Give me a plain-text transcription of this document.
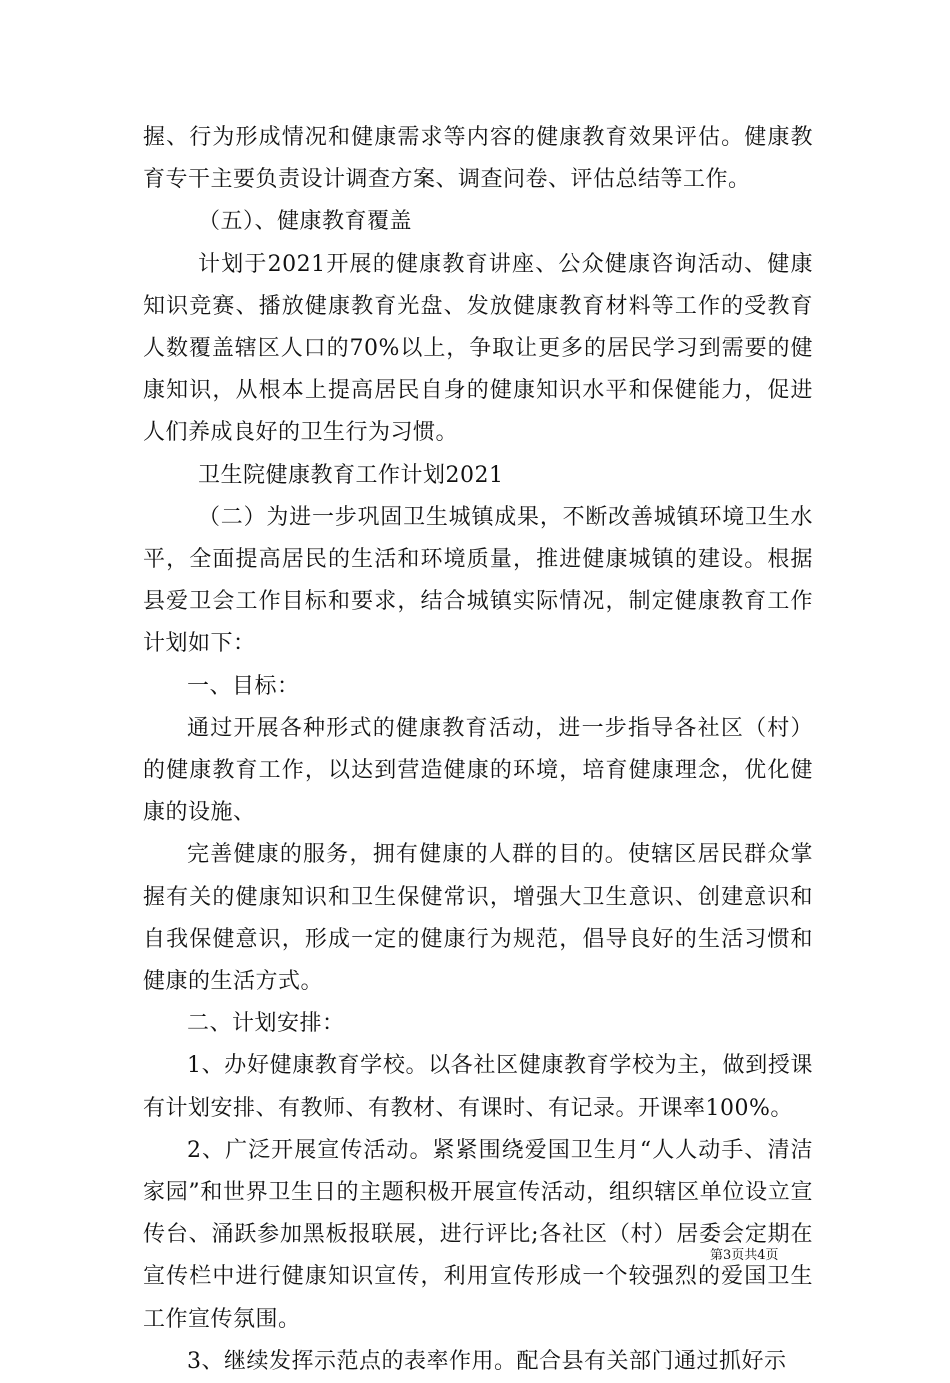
握、行为形成情况和健康需求等内容的健康教育效果评估。健康教育专干主要负责设计调查方案、调查问卷、评估总结等工作。

（五）、健康教育覆盖

计划于2021开展的健康教育讲座、公众健康咨询活动、健康知识竞赛、播放健康教育光盘、发放健康教育材料等工作的受教育人数覆盖辖区人口的70%以上，争取让更多的居民学习到需要的健康知识，从根本上提高居民自身的健康知识水平和保健能力，促进人们养成良好的卫生行为习惯。

卫生院健康教育工作计划2021

（二）为进一步巩固卫生城镇成果，不断改善城镇环境卫生水平，全面提高居民的生活和环境质量，推进健康城镇的建设。根据县爱卫会工作目标和要求，结合城镇实际情况，制定健康教育工作计划如下：

一、目标：

通过开展各种形式的健康教育活动，进一步指导各社区（村）的健康教育工作，以达到营造健康的环境，培育健康理念，优化健康的设施、

完善健康的服务，拥有健康的人群的目的。使辖区居民群众掌握有关的健康知识和卫生保健常识，增强大卫生意识、创建意识和自我保健意识，形成一定的健康行为规范，倡导良好的生活习惯和健康的生活方式。

二、计划安排：

1、办好健康教育学校。以各社区健康教育学校为主，做到授课有计划安排、有教师、有教材、有课时、有记录。开课率100%。

2、广泛开展宣传活动。紧紧围绕爱国卫生月“人人动手、清洁家园”和世界卫生日的主题积极开展宣传活动，组织辖区单位设立宣传台、涌跃参加黑板报联展，进行评比;各社区（村）居委会定期在宣传栏中进行健康知识宣传，利用宣传形成一个较强烈的爱国卫生工作宣传氛围。

3、继续发挥示范点的表率作用。配合县有关部门通过抓好示

第3页共4页
